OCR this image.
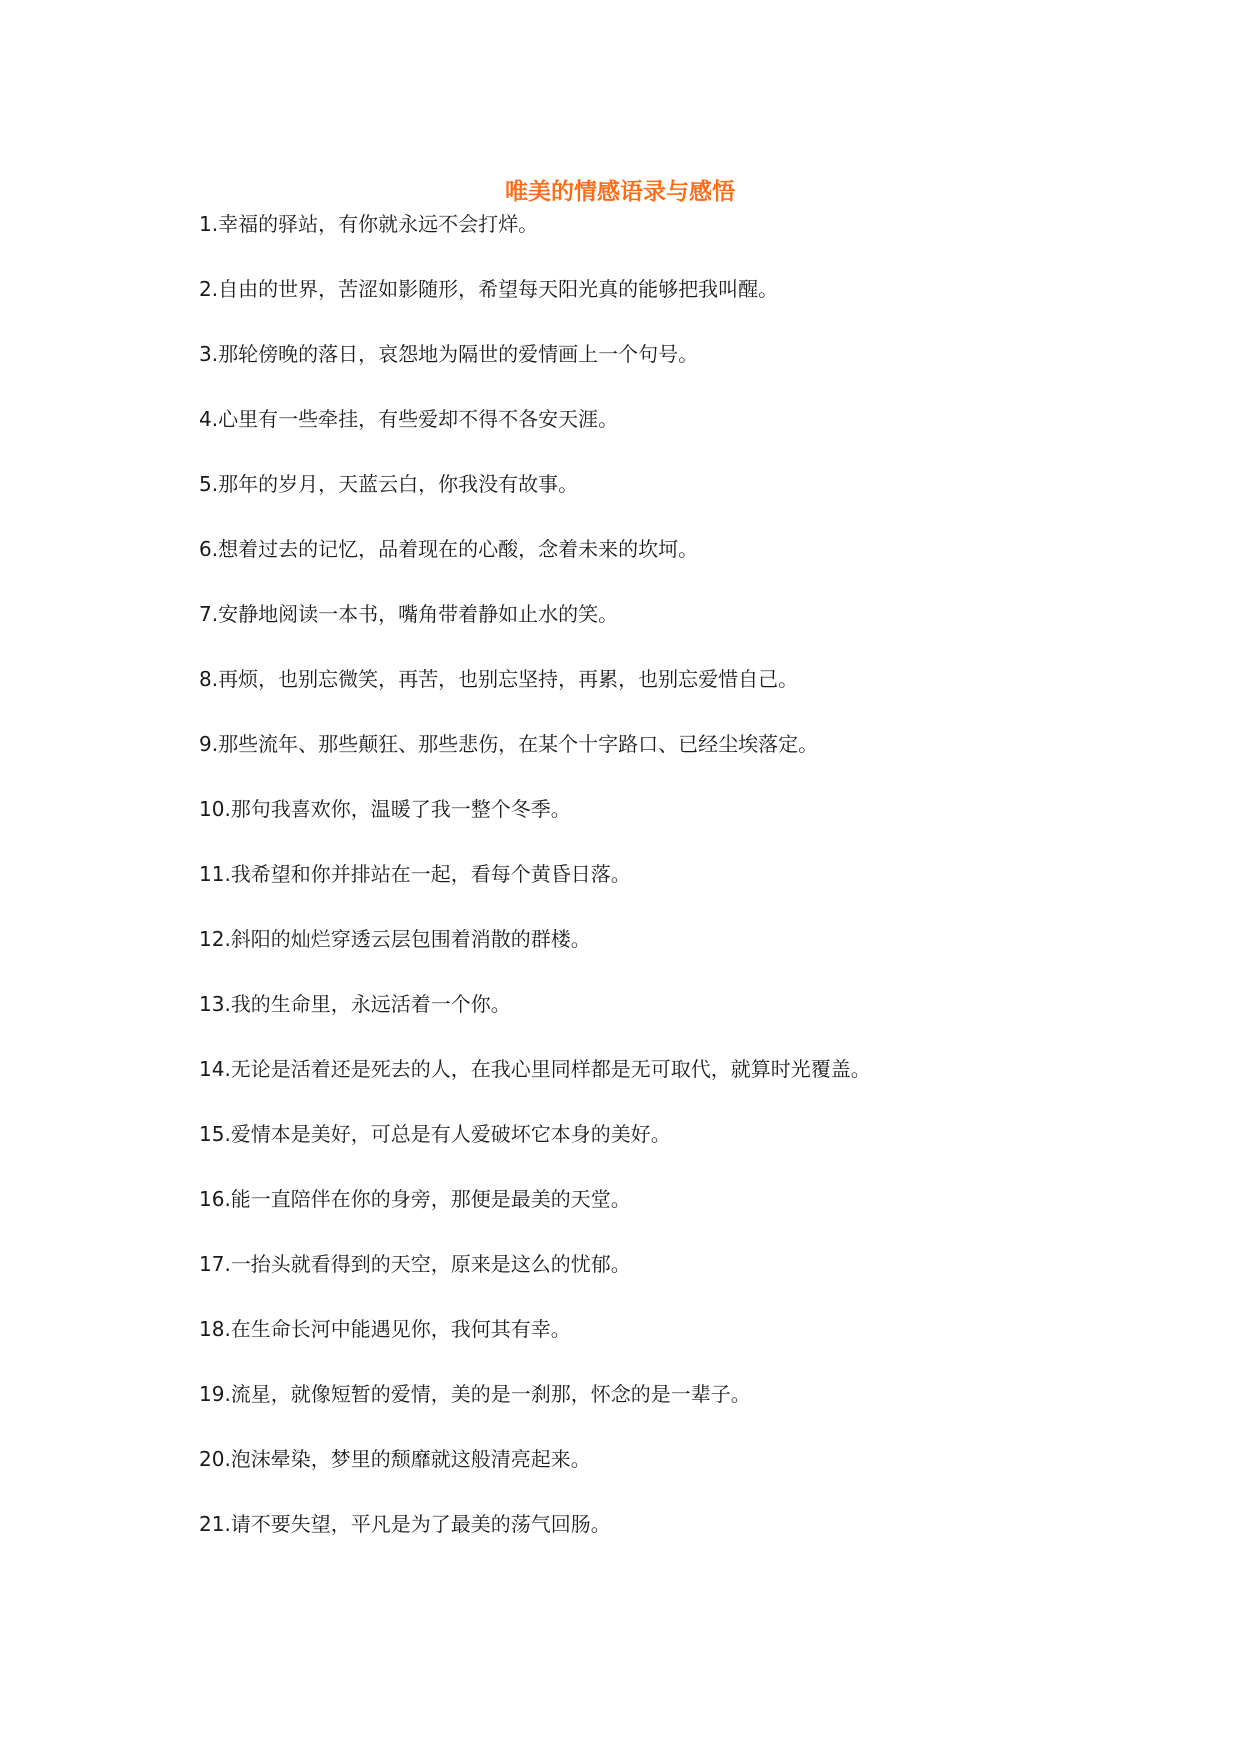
唯美的情感语录与感悟
1.幸福的驿站，有你就永远不会打烊。
2.自由的世界，苦涩如影随形，希望每天阳光真的能够把我叫醒。
3.那轮傍晚的落日，哀怨地为隔世的爱情画上一个句号。
4.心里有一些牵挂，有些爱却不得不各安天涯。
5.那年的岁月，天蓝云白，你我没有故事。
6.想着过去的记忆，品着现在的心酸，念着未来的坎坷。
7.安静地阅读一本书，嘴角带着静如止水的笑。
8.再烦，也别忘微笑，再苦，也别忘坚持，再累，也别忘爱惜自己。
9.那些流年、那些颠狂、那些悲伤，在某个十字路口、已经尘埃落定。
10.那句我喜欢你，温暖了我一整个冬季。
11.我希望和你并排站在一起，看每个黄昏日落。
12.斜阳的灿烂穿透云层包围着消散的群楼。
13.我的生命里，永远活着一个你。
14.无论是活着还是死去的人，在我心里同样都是无可取代，就算时光覆盖。
15.爱情本是美好，可总是有人爱破坏它本身的美好。
16.能一直陪伴在你的身旁，那便是最美的天堂。
17.一抬头就看得到的天空，原来是这么的忧郁。
18.在生命长河中能遇见你，我何其有幸。
19.流星，就像短暂的爱情，美的是一刹那，怀念的是一辈子。
20.泡沫晕染，梦里的颓靡就这般清亮起来。
21.请不要失望，平凡是为了最美的荡气回肠。
